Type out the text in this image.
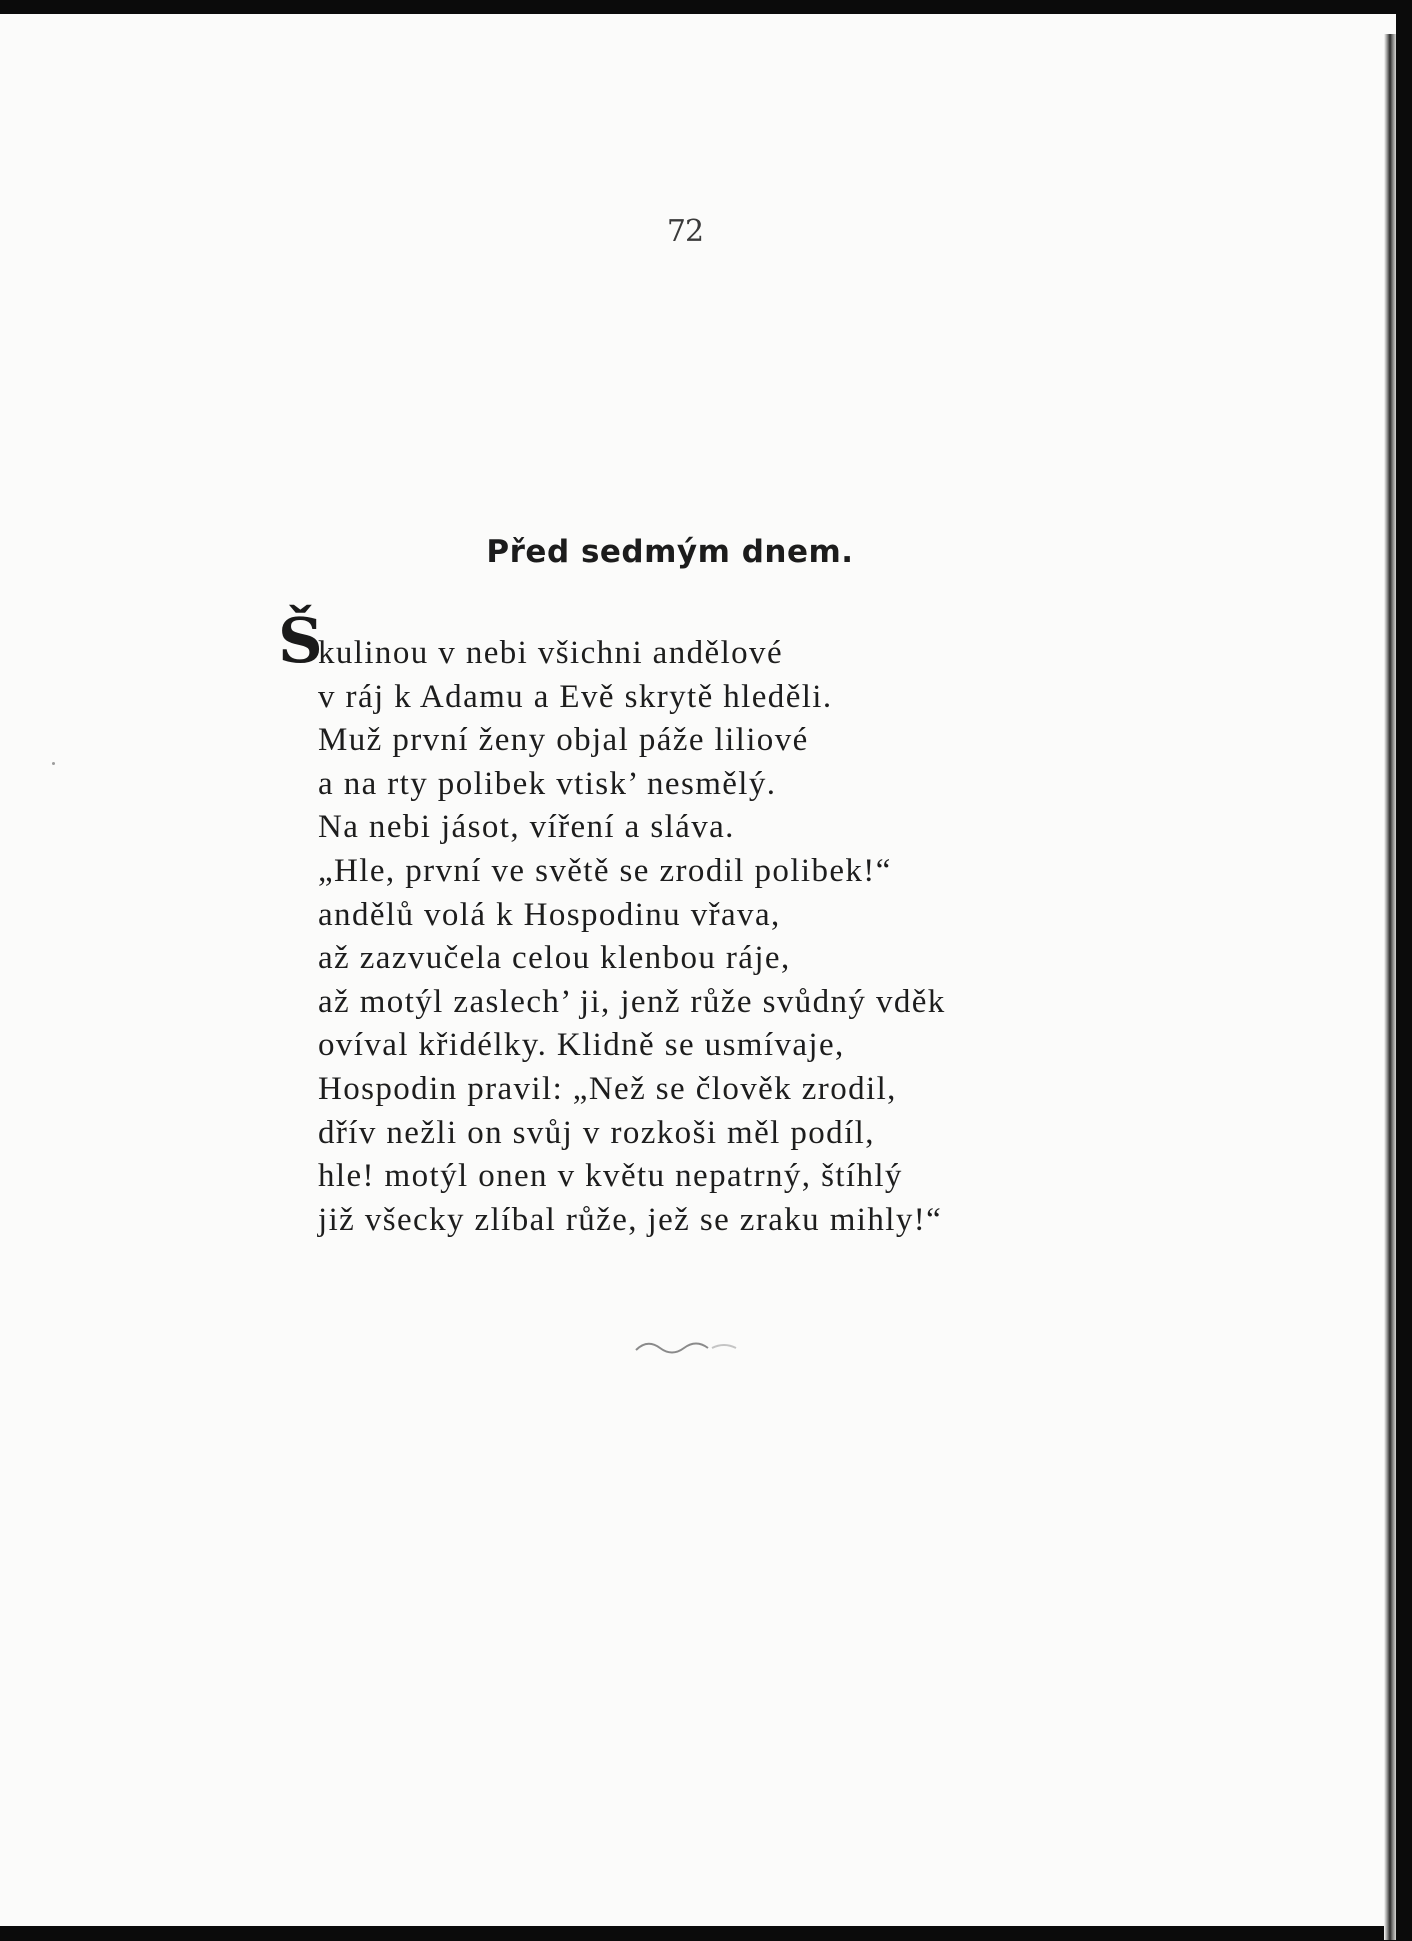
72
Před sedmým dnem.
Š
kulinou v nebi všichni andělové
v ráj k Adamu a Evě skrytě hleděli.
Muž první ženy objal páže liliové
a na rty polibek vtisk’ nesmělý.
Na nebi jásot, víření a sláva.
„Hle, první ve světě se zrodil polibek!“
andělů volá k Hospodinu vřava,
až zazvučela celou klenbou ráje,
až motýl zaslech’ ji, jenž růže svůdný vděk
ovíval křidélky. Klidně se usmívaje,
Hospodin pravil: „Než se člověk zrodil,
dřív nežli on svůj v rozkoši měl podíl,
hle! motýl onen v květu nepatrný, štíhlý
již všecky zlíbal růže, jež se zraku mihly!“
